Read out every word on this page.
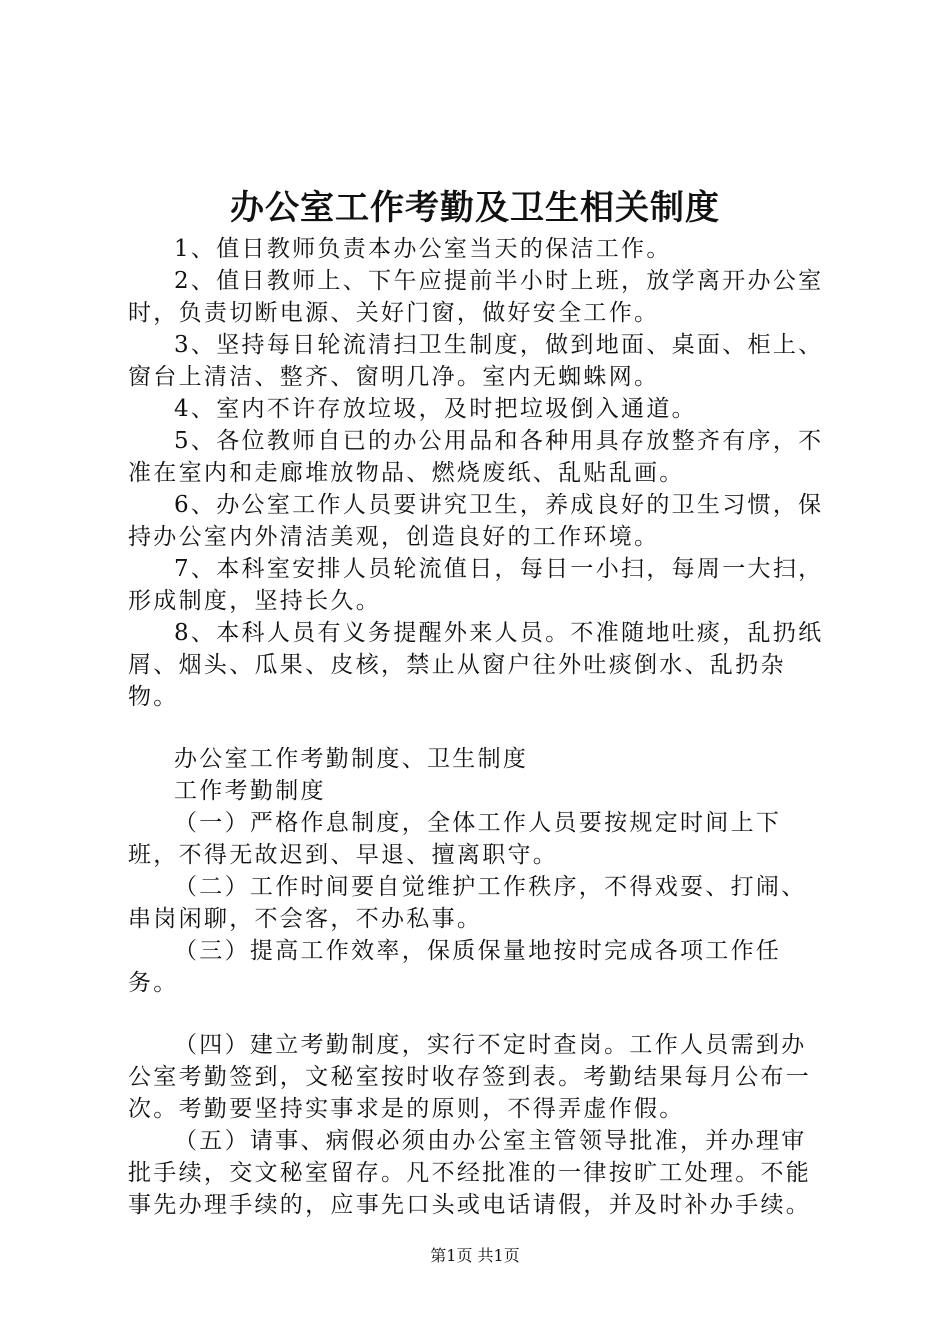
办公室工作考勤及卫生相关制度

1、值日教师负责本办公室当天的保洁工作。

2、值日教师上、下午应提前半小时上班，放学离开办公室时，负责切断电源、关好门窗，做好安全工作。

3、坚持每日轮流清扫卫生制度，做到地面、桌面、柜上、窗台上清洁、整齐、窗明几净。室内无蜘蛛网。

4、室内不许存放垃圾，及时把垃圾倒入通道。

5、各位教师自已的办公用品和各种用具存放整齐有序，不准在室内和走廊堆放物品、燃烧废纸、乱贴乱画。

6、办公室工作人员要讲究卫生，养成良好的卫生习惯，保持办公室内外清洁美观，创造良好的工作环境。

7、本科室安排人员轮流值日，每日一小扫，每周一大扫，形成制度，坚持长久。

8、本科人员有义务提醒外来人员。不准随地吐痰，乱扔纸屑、烟头、瓜果、皮核，禁止从窗户往外吐痰倒水、乱扔杂物。

办公室工作考勤制度、卫生制度

工作考勤制度

（一）严格作息制度，全体工作人员要按规定时间上下班，不得无故迟到、早退、擅离职守。

（二）工作时间要自觉维护工作秩序，不得戏耍、打闹、串岗闲聊，不会客，不办私事。

（三）提高工作效率，保质保量地按时完成各项工作任务。

（四）建立考勤制度，实行不定时查岗。工作人员需到办公室考勤签到，文秘室按时收存签到表。考勤结果每月公布一次。考勤要坚持实事求是的原则，不得弄虚作假。

（五）请事、病假必须由办公室主管领导批准，并办理审批手续，交文秘室留存。凡不经批准的一律按旷工处理。不能事先办理手续的，应事先口头或电话请假，并及时补办手续。

第1页 共1页
